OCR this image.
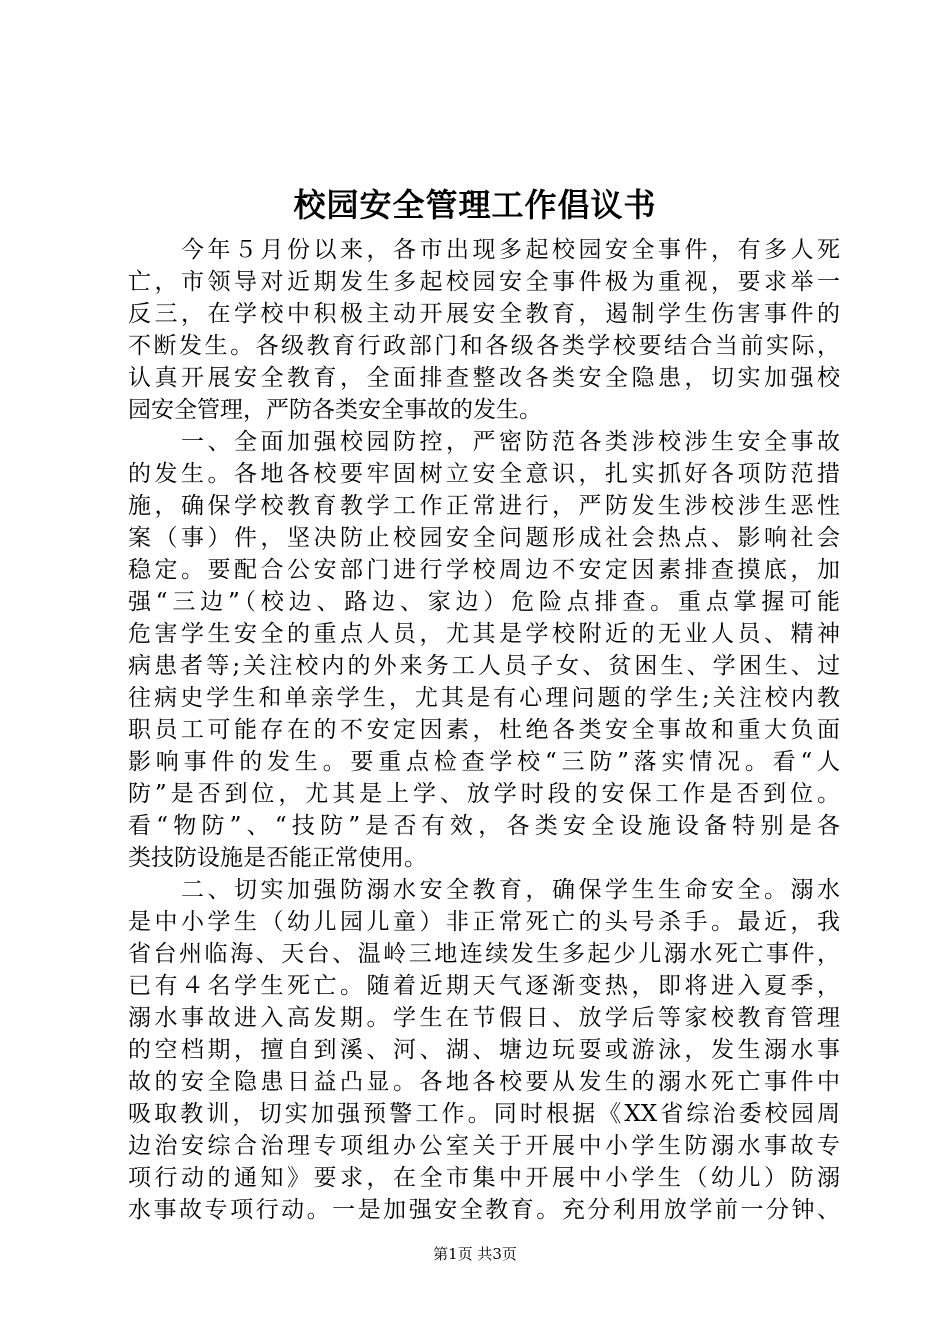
校园安全管理工作倡议书
　　今年５月份以来，各市出现多起校园安全事件，有多人死
亡，市领导对近期发生多起校园安全事件极为重视，要求举一
反三，在学校中积极主动开展安全教育，遏制学生伤害事件的
不断发生。各级教育行政部门和各级各类学校要结合当前实际，
认真开展安全教育，全面排查整改各类安全隐患，切实加强校
园安全管理，严防各类安全事故的发生。
　　一、全面加强校园防控，严密防范各类涉校涉生安全事故
的发生。各地各校要牢固树立安全意识，扎实抓好各项防范措
施，确保学校教育教学工作正常进行，严防发生涉校涉生恶性
案（事）件，坚决防止校园安全问题形成社会热点、影响社会
稳定。要配合公安部门进行学校周边不安定因素排查摸底，加
强“三边”（校边、路边、家边）危险点排查。重点掌握可能
危害学生安全的重点人员，尤其是学校附近的无业人员、精神
病患者等;关注校内的外来务工人员子女、贫困生、学困生、过
往病史学生和单亲学生，尤其是有心理问题的学生;关注校内教
职员工可能存在的不安定因素，杜绝各类安全事故和重大负面
影响事件的发生。要重点检查学校“三防”落实情况。看“人
防”是否到位，尤其是上学、放学时段的安保工作是否到位。
看“物防”、“技防”是否有效，各类安全设施设备特别是各
类技防设施是否能正常使用。
　　二、切实加强防溺水安全教育，确保学生生命安全。溺水
是中小学生（幼儿园儿童）非正常死亡的头号杀手。最近，我
省台州临海、天台、温岭三地连续发生多起少儿溺水死亡事件，
已有４名学生死亡。随着近期天气逐渐变热，即将进入夏季，
溺水事故进入高发期。学生在节假日、放学后等家校教育管理
的空档期，擅自到溪、河、湖、塘边玩耍或游泳，发生溺水事
故的安全隐患日益凸显。各地各校要从发生的溺水死亡事件中
吸取教训，切实加强预警工作。同时根据《XX省综治委校园周
边治安综合治理专项组办公室关于开展中小学生防溺水事故专
项行动的通知》要求，在全市集中开展中小学生（幼儿）防溺
水事故专项行动。一是加强安全教育。充分利用放学前一分钟、
第1页 共3页
